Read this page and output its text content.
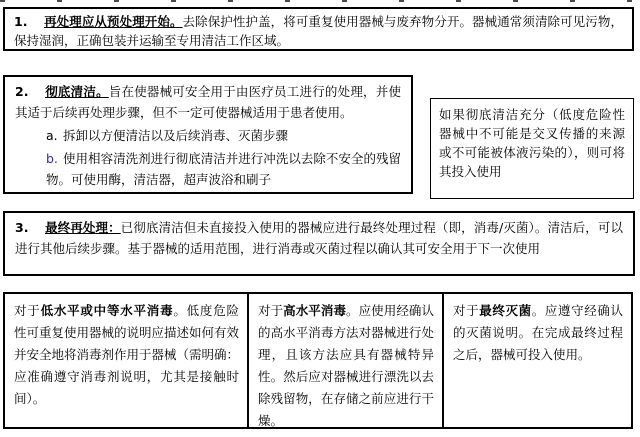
1. 再处理应从预处理开始。去除保护性护盖，将可重复使用器械与废弃物分开。器械通常须清除可见污物，保持湿润，正确包装并运输至专用清洁工作区域。

2. 彻底清洁。旨在使器械可安全用于由医疗员工进行的处理，并使其适于后续再处理步骤，但不一定可使器械适用于患者使用。

a. 拆卸以方便清洁以及后续消毒、灭菌步骤
b. 使用相容清洗剂进行彻底清洁并进行冲洗以去除不安全的残留物。可使用酶，清洁器，超声波浴和刷子

如果彻底清洁充分（低度危险性器械中不可能是交叉传播的来源或不可能被体液污染的），则可将其投入使用

3. 最终再处理：已彻底清洁但未直接投入使用的器械应进行最终处理过程（即，消毒/灭菌）。清洁后，可以进行其他后续步骤。基于器械的适用范围，进行消毒或灭菌过程以确认其可安全用于下一次使用

对于低水平或中等水平消毒。低度危险性可重复使用器械的说明应描述如何有效并安全地将消毒剂作用于器械（需明确：应准确遵守消毒剂说明，尤其是接触时间）。

对于高水平消毒。应使用经确认的高水平消毒方法对器械进行处理，且该方法应具有器械特异性。然后应对器械进行漂洗以去除残留物，在存储之前应进行干燥。

对于最终灭菌。应遵守经确认的灭菌说明。在完成最终过程之后，器械可投入使用。
